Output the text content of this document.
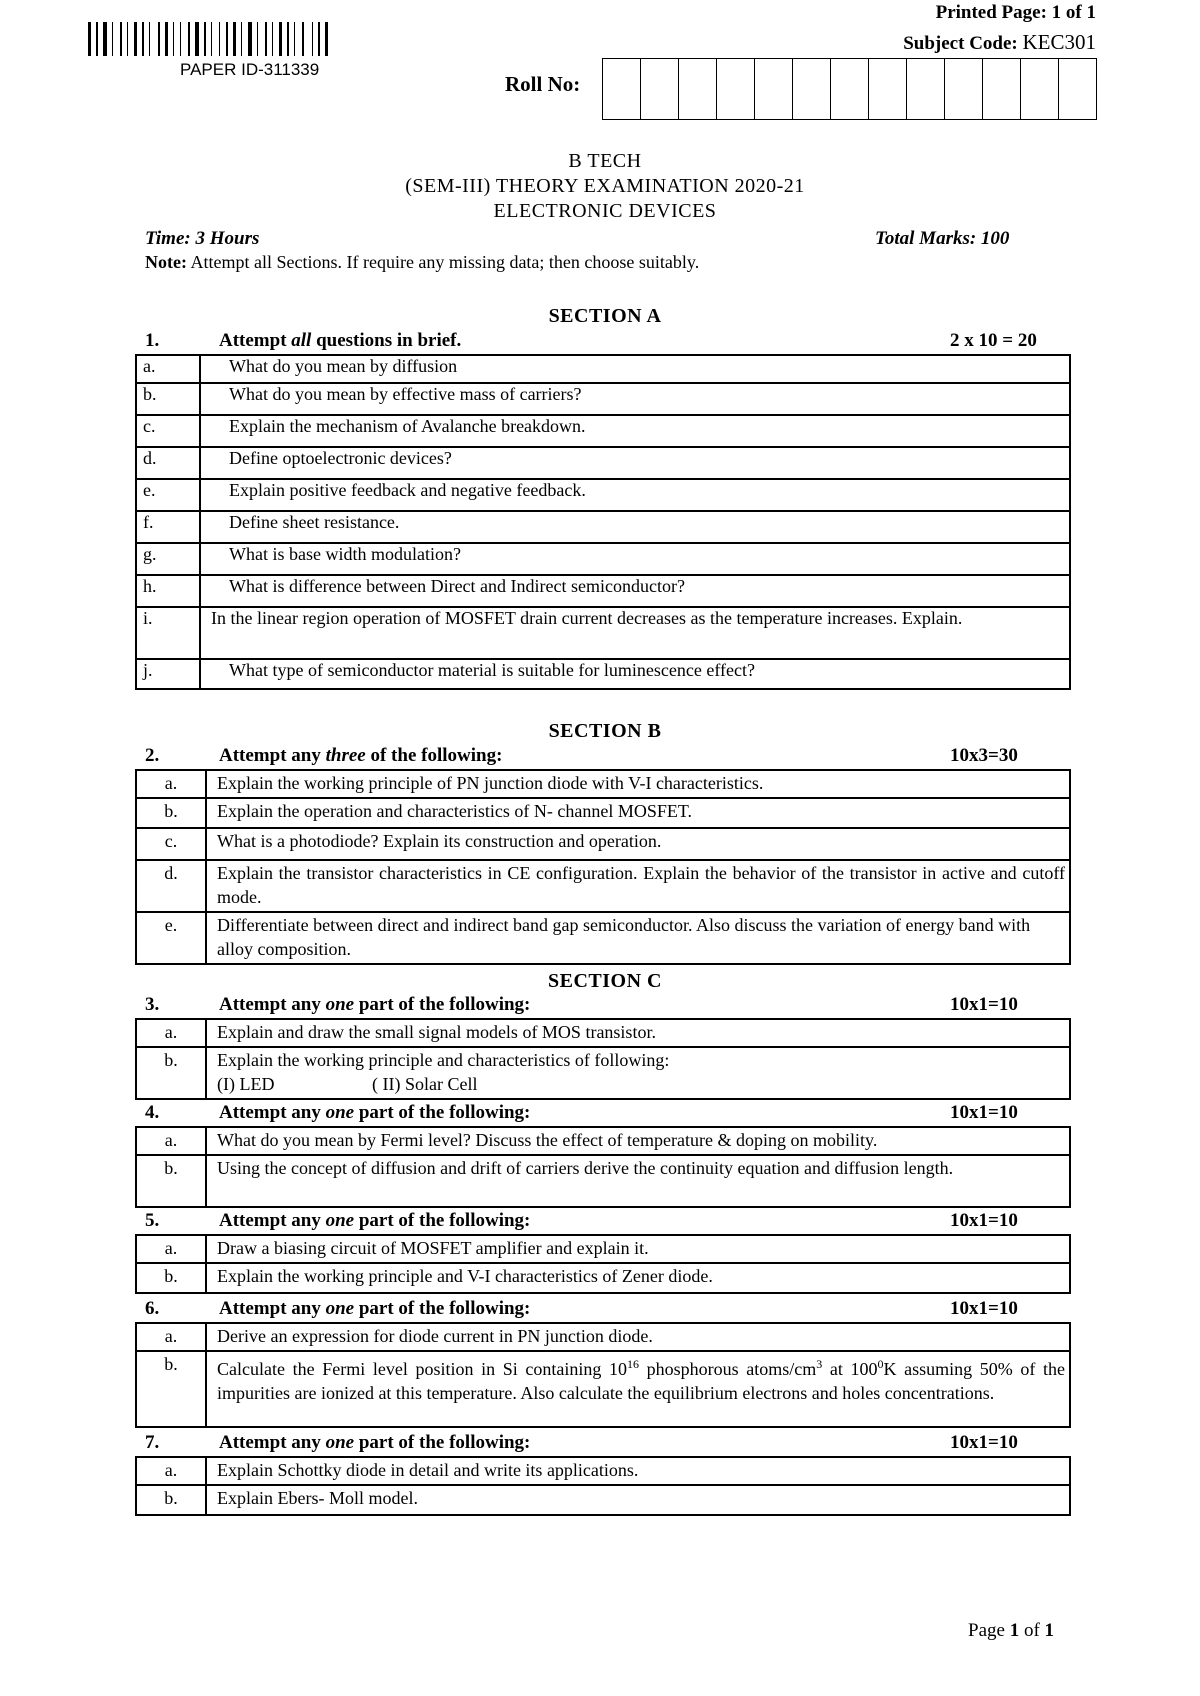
PAPER ID-311339
Printed Page: 1 of 1
Subject Code: KEC301
Roll No:
B TECH
(SEM-III) THEORY EXAMINATION 2020-21
ELECTRONIC DEVICES
Time: 3 Hours	Total Marks: 100
Note: Attempt all Sections. If require any missing data; then choose suitably.
SECTION A
1.	Attempt all questions in brief.	2 x 10 = 20
a.	What do you mean by diffusion
b.	What do you mean by effective mass of carriers?
c.	Explain the mechanism of Avalanche breakdown.
d.	Define optoelectronic devices?
e.	Explain positive feedback and negative feedback.
f.	Define sheet resistance.
g.	What is base width modulation?
h.	What is difference between Direct and Indirect semiconductor?
i.	In the linear region operation of MOSFET drain current decreases as the temperature increases. Explain.
j.	What type of semiconductor material is suitable for luminescence effect?
SECTION B
2.	Attempt any three of the following:	10x3=30
a.	Explain the working principle of PN junction diode with V-I characteristics.
b.	Explain the operation and characteristics of N- channel MOSFET.
c.	What is a photodiode? Explain its construction and operation.
d.	Explain the transistor characteristics in CE configuration. Explain the behavior of the transistor in active and cutoff mode.
e.	Differentiate between direct and indirect band gap semiconductor. Also discuss the variation of energy band with alloy composition.
SECTION C
3.	Attempt any one part of the following:	10x1=10
a.	Explain and draw the small signal models of MOS transistor.
b.	Explain the working principle and characteristics of following:
(I) LED ( II) Solar Cell
4.	Attempt any one part of the following:	10x1=10
a.	What do you mean by Fermi level? Discuss the effect of temperature & doping on mobility.
b.	Using the concept of diffusion and drift of carriers derive the continuity equation and diffusion length.
5.	Attempt any one part of the following:	10x1=10
a.	Draw a biasing circuit of MOSFET amplifier and explain it.
b.	Explain the working principle and V-I characteristics of Zener diode.
6.	Attempt any one part of the following:	10x1=10
a.	Derive an expression for diode current in PN junction diode.
b.	Calculate the Fermi level position in Si containing $10^{16}$ phosphorous atoms/$cm^3$ at $100^0K$ assuming 50% of the impurities are ionized at this temperature. Also calculate the equilibrium electrons and holes concentrations.
7.	Attempt any one part of the following:	10x1=10
a.	Explain Schottky diode in detail and write its applications.
b.	Explain Ebers- Moll model.
Page 1 of 1
